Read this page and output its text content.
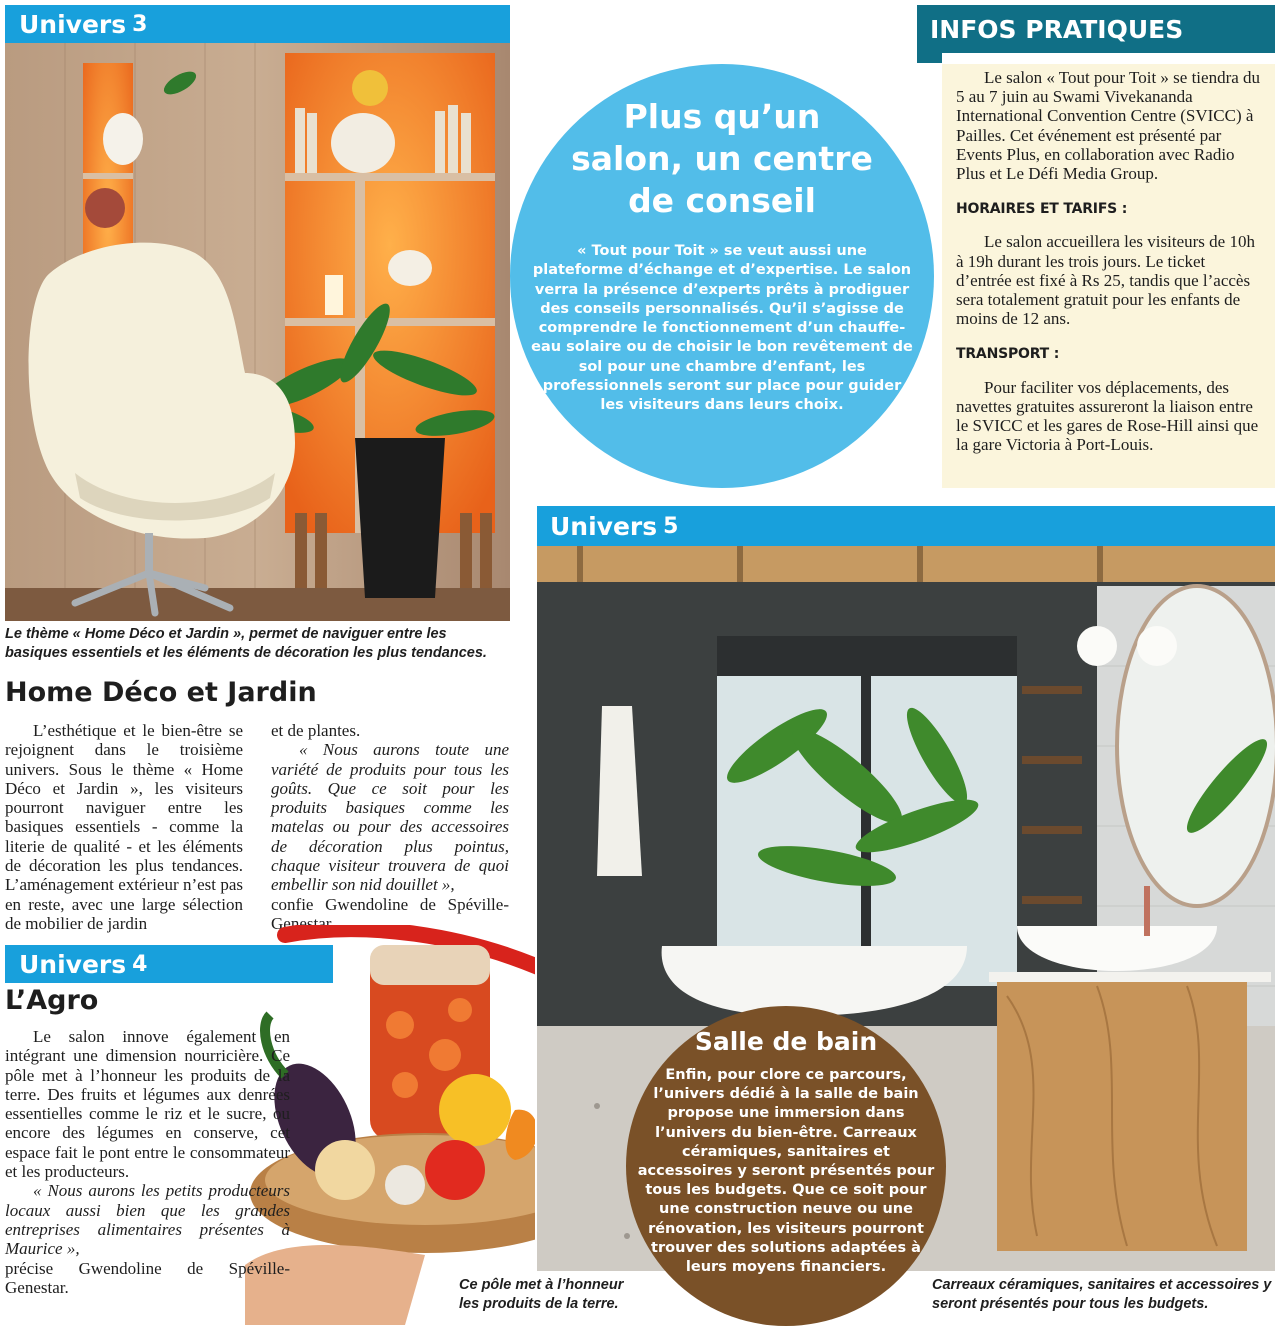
Univers 3
Le thème « Home Déco et Jardin », permet de naviguer entre les basiques essentiels et les éléments de décoration les plus tendances.
Home Déco et Jardin

L’esthétique et le bien-être se rejoignent dans le troisième univers. Sous le thème « Home Déco et Jardin », les visiteurs pourront naviguer entre les basiques essentiels - comme la literie de qualité - et les éléments de décoration les plus tendances. L’aménagement extérieur n’est pas en reste, avec une large sélection de mobilier de jardin

et de plantes.

« Nous aurons toute une variété de produits pour tous les goûts. Que ce soit pour les produits basiques comme les matelas ou pour des accessoires de décoration plus pointus, chaque visiteur trouvera de quoi embellir son nid douillet »,

confie Gwendoline de Spéville-Genestar.

Plus qu’un salon, un centre de conseil
« Tout pour Toit » se veut aussi une plateforme d’échange et d’expertise. Le salon verra la présence d’experts prêts à prodiguer des conseils personnalisés. Qu’il s’agisse de comprendre le fonctionnement d’un chauffe-eau solaire ou de choisir le bon revêtement de sol pour une chambre d’enfant, les professionnels seront sur place pour guider les visiteurs dans leurs choix.
INFOS PRATIQUES

Le salon « Tout pour Toit » se tiendra du 5 au 7 juin au Swami Vivekananda International Convention Centre (SVICC) à Pailles. Cet événement est présenté par Events Plus, en collaboration avec Radio Plus et Le Défi Media Group.

HORAIRES ET TARIFS :

Le salon accueillera les visiteurs de 10h à 19h durant les trois jours. Le ticket d’entrée est fixé à Rs 25, tandis que l’accès sera totalement gratuit pour les enfants de moins de 12 ans.

TRANSPORT :

Pour faciliter vos déplacements, des navettes gratuites assureront la liaison entre le SVICC et les gares de Rose-Hill ainsi que la gare Victoria à Port-Louis.

Univers 5
Salle de bain
Enfin, pour clore ce parcours, l’univers dédié à la salle de bain propose une immersion dans l’univers du bien-être. Carreaux céramiques, sanitaires et accessoires y seront présentés pour tous les budgets. Que ce soit pour une construction neuve ou une rénovation, les visiteurs pourront trouver des solutions adaptées à leurs moyens financiers.
Carreaux céramiques, sanitaires et accessoires y seront présentés pour tous les budgets.
Univers 4
L’Agro

Le salon innove également en intégrant une dimension nourricière. Ce pôle met à l’honneur les produits de la terre. Des fruits et légumes aux denrées essentielles comme le riz et le sucre, ou encore des légumes en conserve, cet espace fait le pont entre le consommateur et les producteurs.

« Nous aurons les petits producteurs locaux aussi bien que les grandes entreprises alimentaires présentes à Maurice »,

précise Gwendoline de Spéville-Genestar.	Ce pôle met à l’honneur les produits de la terre.
